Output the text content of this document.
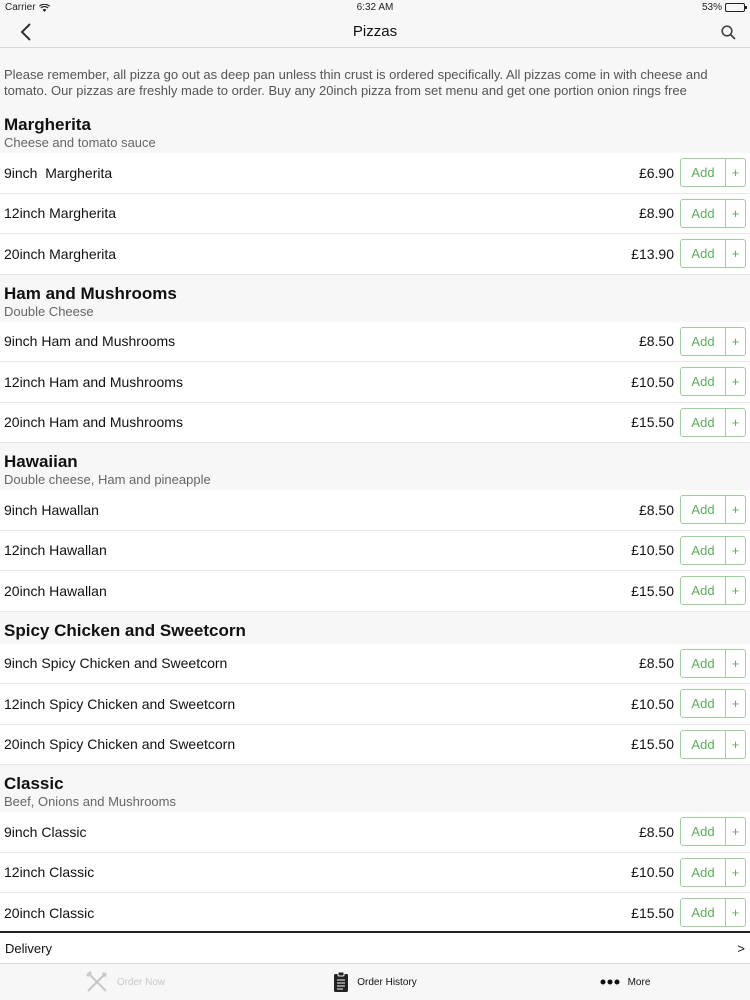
Carrier	6:32 AM	53%
Pizzas
Please remember, all pizza go out as deep pan unless thin crust is ordered specifically. All pizzas come in with cheese and tomato. Our pizzas are freshly made to order. Buy any 20inch pizza from set menu and get one portion onion rings free
Margherita
Cheese and tomato sauce
9inch  Margherita	£6.90	Add	+
12inch Margherita	£8.90	Add	+
20inch Margherita	£13.90	Add	+
Ham and Mushrooms
Double Cheese
9inch Ham and Mushrooms	£8.50	Add	+
12inch Ham and Mushrooms	£10.50	Add	+
20inch Ham and Mushrooms	£15.50	Add	+
Hawaiian
Double cheese, Ham and pineapple
9inch Hawallan	£8.50	Add	+
12inch Hawallan	£10.50	Add	+
20inch Hawallan	£15.50	Add	+
Spicy Chicken and Sweetcorn
9inch Spicy Chicken and Sweetcorn	£8.50	Add	+
12inch Spicy Chicken and Sweetcorn	£10.50	Add	+
20inch Spicy Chicken and Sweetcorn	£15.50	Add	+
Classic
Beef, Onions and Mushrooms
9inch Classic	£8.50	Add	+
12inch Classic	£10.50	Add	+
20inch Classic	£15.50	Add	+
Delivery	>
Order Now	Order History	More
